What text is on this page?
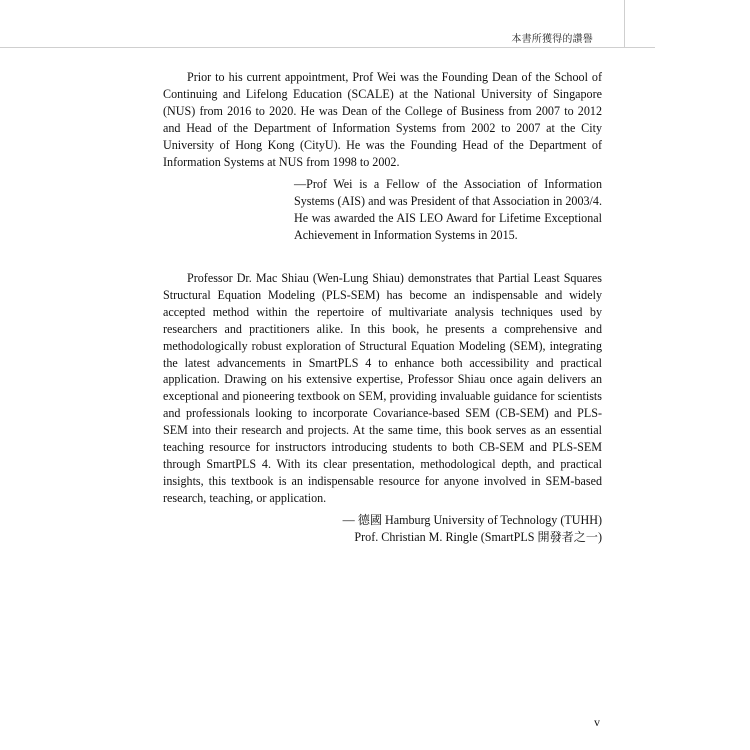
本書所獲得的讚譽

Prior to his current appointment, Prof Wei was the Founding Dean of the School of Continuing and Lifelong Education (SCALE) at the National University of Singapore (NUS) from 2016 to 2020. He was Dean of the College of Business from 2007 to 2012 and Head of the Department of Information Systems from 2002 to 2007 at the City University of Hong Kong (CityU). He was the Founding Head of the Department of Information Systems at NUS from 1998 to 2002.

—Prof Wei is a Fellow of the Association of Information Systems (AIS) and was President of that Association in 2003/4. He was awarded the AIS LEO Award for Lifetime Exceptional Achievement in Information Systems in 2015.

Professor Dr. Mac Shiau (Wen-Lung Shiau) demonstrates that Partial Least Squares Structural Equation Modeling (PLS-SEM) has become an indispensable and widely accepted method within the repertoire of multivariate analysis techniques used by researchers and practitioners alike. In this book, he presents a comprehensive and methodologically robust exploration of Structural Equation Modeling (SEM), integrating the latest advancements in SmartPLS 4 to enhance both accessibility and practical application. Drawing on his extensive expertise, Professor Shiau once again delivers an exceptional and pioneering textbook on SEM, providing invaluable guidance for scientists and professionals looking to incorporate Covariance-based SEM (CB-SEM) and PLS-SEM into their research and projects. At the same time, this book serves as an essential teaching resource for instructors introducing students to both CB-SEM and PLS-SEM through SmartPLS 4. With its clear presentation, methodological depth, and practical insights, this textbook is an indispensable resource for anyone involved in SEM-based research, teaching, or application.

— 德國 Hamburg University of Technology (TUHH)
Prof. Christian M. Ringle (SmartPLS 開發者之一)
v
